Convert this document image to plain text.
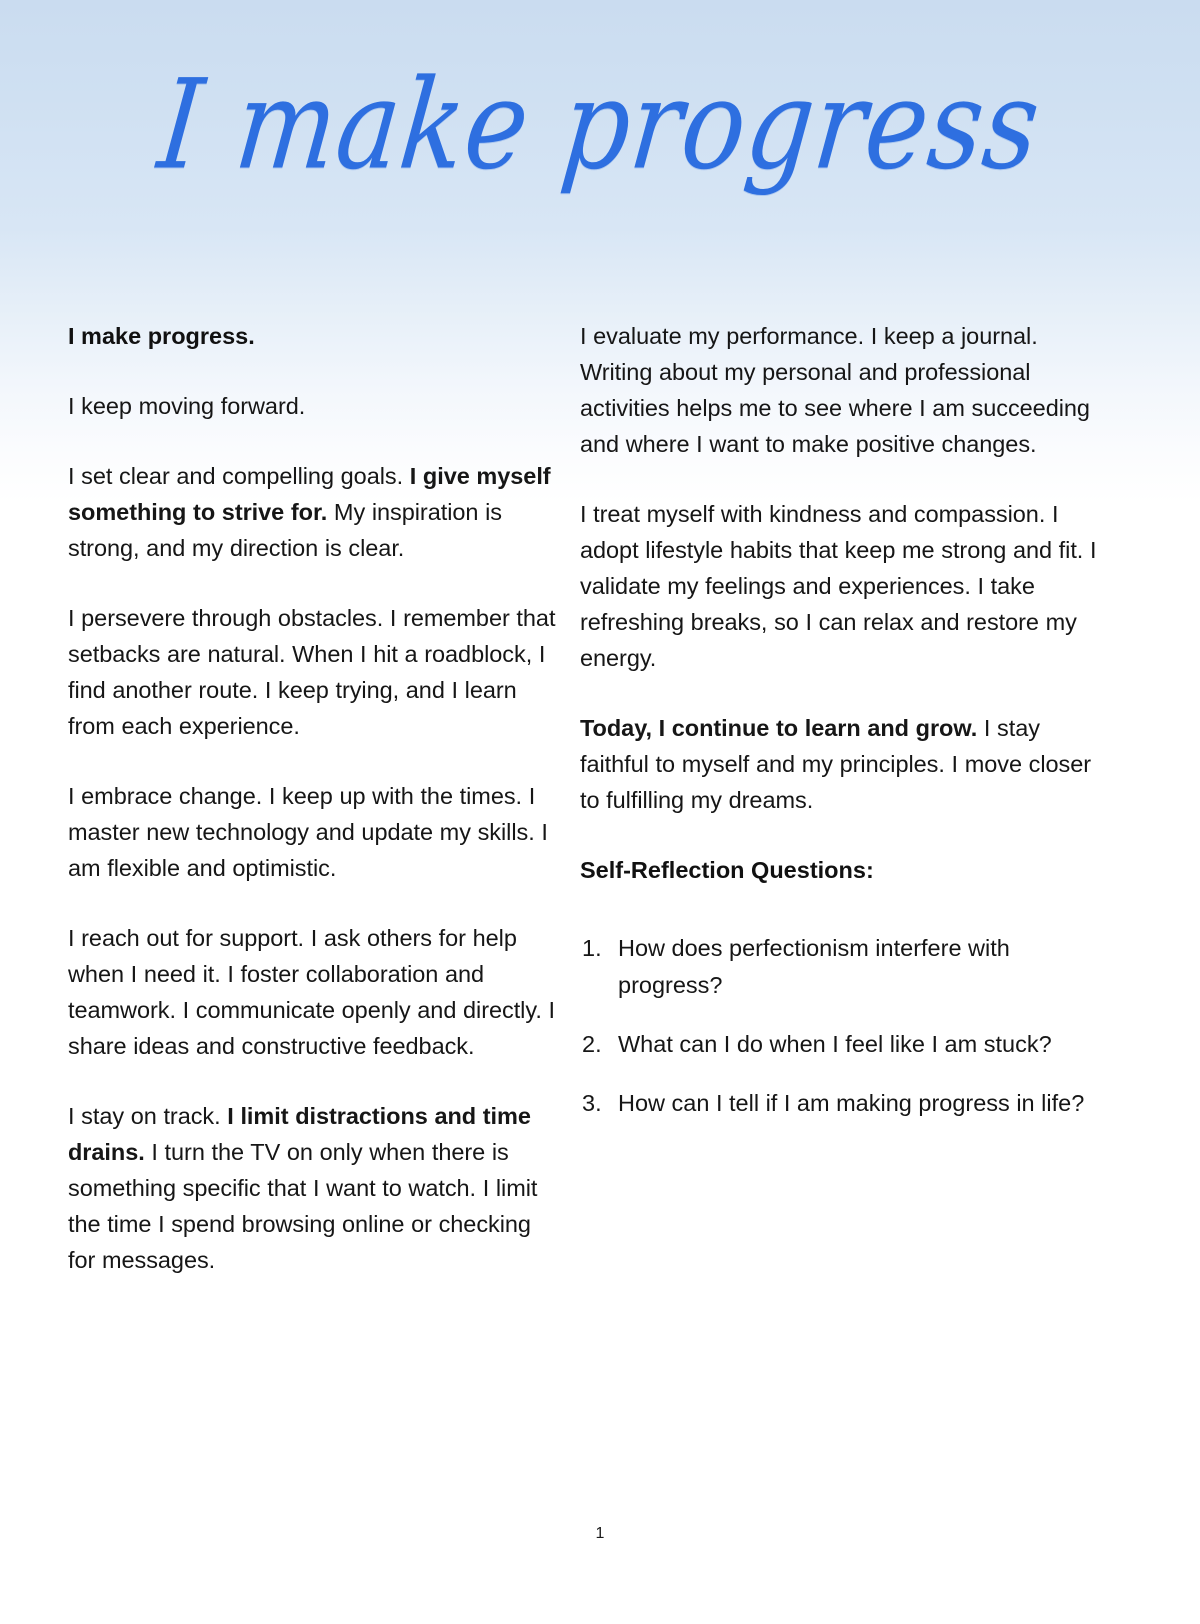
I make progress
I make progress.

I keep moving forward.

I set clear and compelling goals. I give myself something to strive for. My inspiration is strong, and my direction is clear.

I persevere through obstacles. I remember that setbacks are natural. When I hit a roadblock, I find another route. I keep trying, and I learn from each experience.

I embrace change. I keep up with the times. I master new technology and update my skills. I am flexible and optimistic.

I reach out for support. I ask others for help when I need it. I foster collaboration and teamwork. I communicate openly and directly. I share ideas and constructive feedback.

I stay on track. I limit distractions and time drains. I turn the TV on only when there is something specific that I want to watch. I limit the time I spend browsing online or checking for messages.

I evaluate my performance. I keep a journal. Writing about my personal and professional activities helps me to see where I am succeeding and where I want to make positive changes.

I treat myself with kindness and compassion. I adopt lifestyle habits that keep me strong and fit. I validate my feelings and experiences. I take refreshing breaks, so I can relax and restore my energy.

Today, I continue to learn and grow. I stay faithful to myself and my principles. I move closer to fulfilling my dreams.

Self-Reflection Questions:
How does perfectionism interfere with progress?
What can I do when I feel like I am stuck?
How can I tell if I am making progress in life?
1
